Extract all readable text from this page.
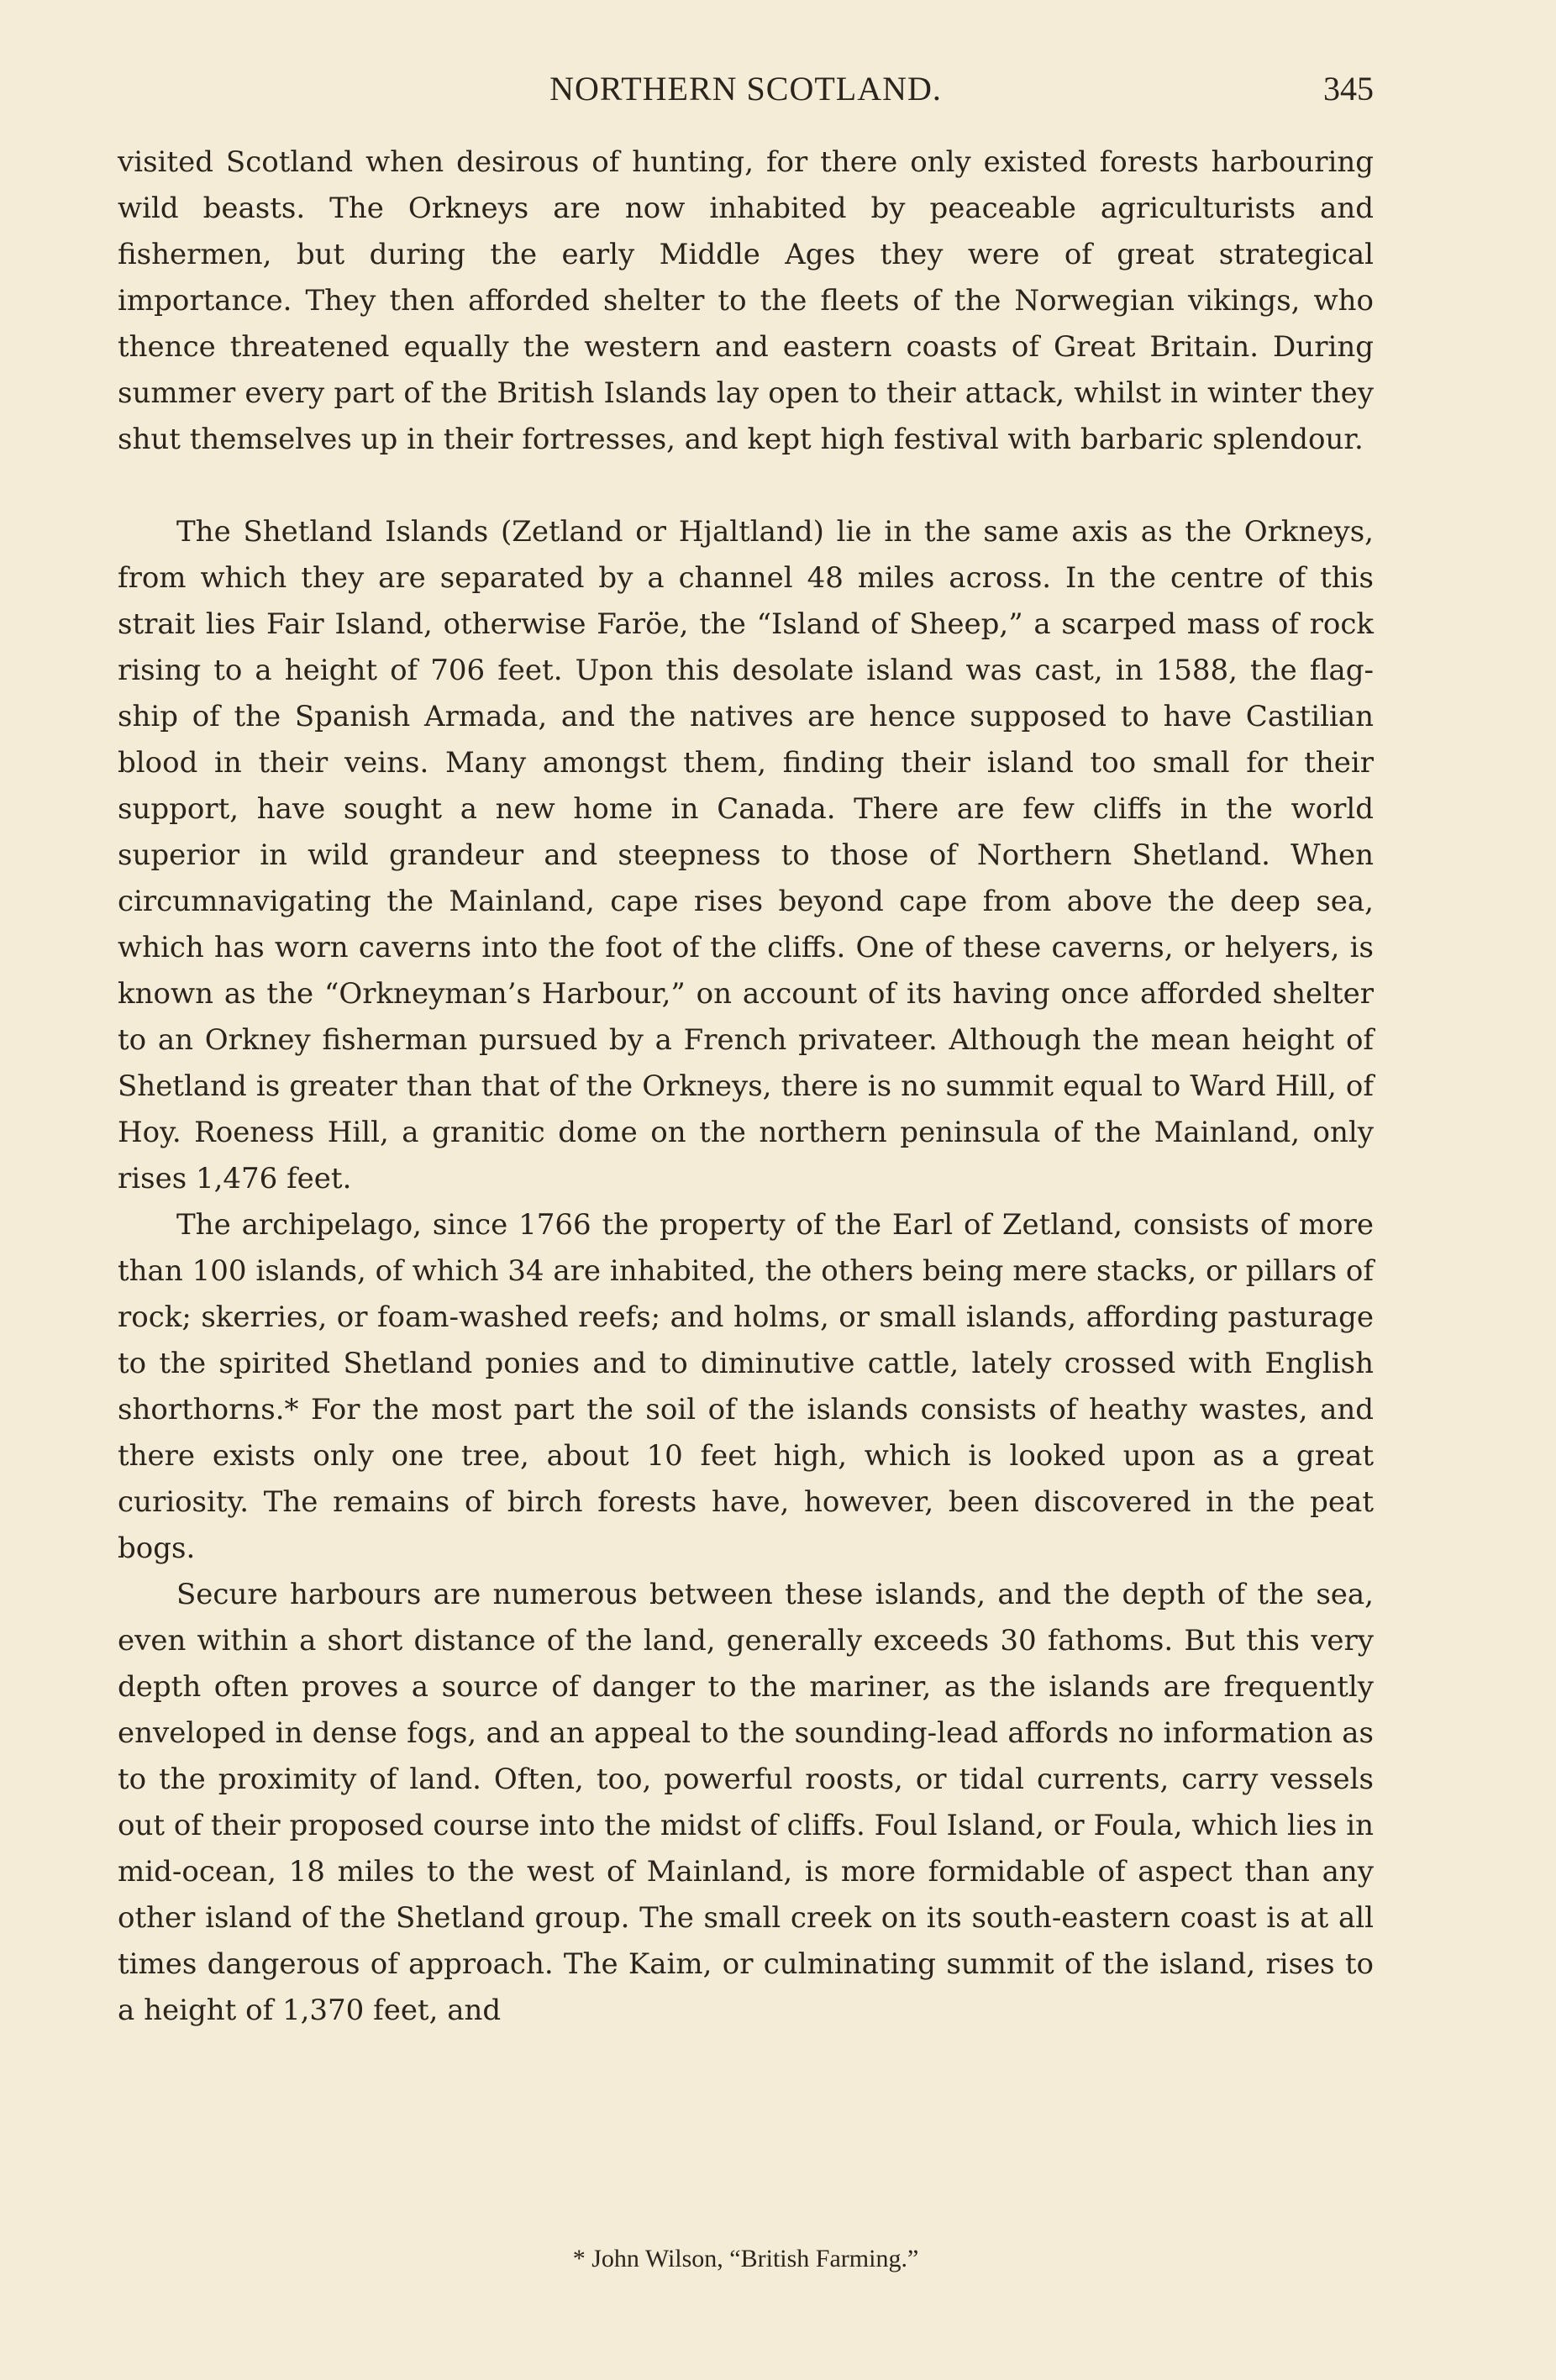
NORTHERN SCOTLAND.	345

visited Scotland when desirous of hunting, for there only existed forests harbouring wild beasts. The Orkneys are now inhabited by peaceable agriculturists and fishermen, but during the early Middle Ages they were of great strategical importance. They then afforded shelter to the fleets of the Norwegian vikings, who thence threatened equally the western and eastern coasts of Great Britain. During summer every part of the British Islands lay open to their attack, whilst in winter they shut themselves up in their fortresses, and kept high festival with barbaric splendour.

The Shetland Islands (Zetland or Hjaltland) lie in the same axis as the Orkneys, from which they are separated by a channel 48 miles across. In the centre of this strait lies Fair Island, otherwise Faröe, the “Island of Sheep,” a scarped mass of rock rising to a height of 706 feet. Upon this desolate island was cast, in 1588, the flag-ship of the Spanish Armada, and the natives are hence supposed to have Castilian blood in their veins. Many amongst them, finding their island too small for their support, have sought a new home in Canada. There are few cliffs in the world superior in wild grandeur and steepness to those of Northern Shetland. When circumnavigating the Mainland, cape rises beyond cape from above the deep sea, which has worn caverns into the foot of the cliffs. One of these caverns, or helyers, is known as the “Orkneyman’s Harbour,” on account of its having once afforded shelter to an Orkney fisherman pursued by a French privateer. Although the mean height of Shetland is greater than that of the Orkneys, there is no summit equal to Ward Hill, of Hoy. Roeness Hill, a granitic dome on the northern peninsula of the Mainland, only rises 1,476 feet.

The archipelago, since 1766 the property of the Earl of Zetland, consists of more than 100 islands, of which 34 are inhabited, the others being mere stacks, or pillars of rock; skerries, or foam-washed reefs; and holms, or small islands, affording pasturage to the spirited Shetland ponies and to diminutive cattle, lately crossed with English shorthorns.* For the most part the soil of the islands consists of heathy wastes, and there exists only one tree, about 10 feet high, which is looked upon as a great curiosity. The remains of birch forests have, however, been discovered in the peat bogs.

Secure harbours are numerous between these islands, and the depth of the sea, even within a short distance of the land, generally exceeds 30 fathoms. But this very depth often proves a source of danger to the mariner, as the islands are frequently enveloped in dense fogs, and an appeal to the sounding-lead affords no information as to the proximity of land. Often, too, powerful roosts, or tidal currents, carry vessels out of their proposed course into the midst of cliffs. Foul Island, or Foula, which lies in mid-ocean, 18 miles to the west of Mainland, is more formidable of aspect than any other island of the Shetland group. The small creek on its south-eastern coast is at all times dangerous of approach. The Kaim, or culminating summit of the island, rises to a height of 1,370 feet, and

* John Wilson, “British Farming.”
